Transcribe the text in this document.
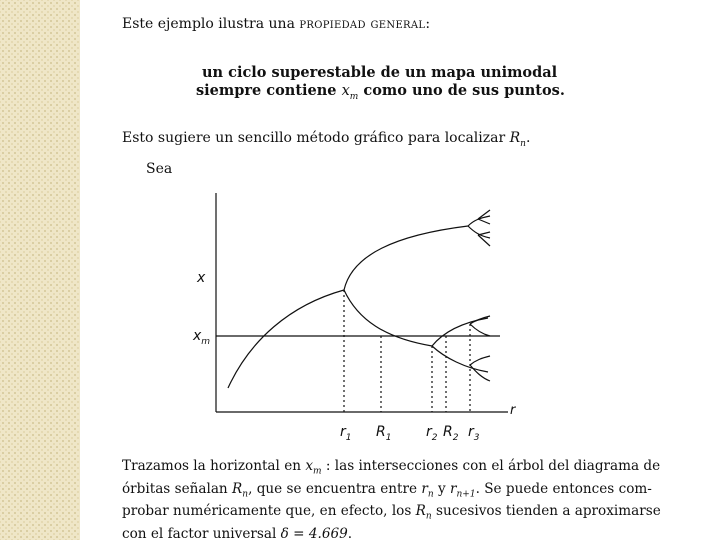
Este ejemplo ilustra una propiedad general:
un ciclo superestable de un mapa unimodal
siempre contiene $x_m$ como uno de sus puntos.
Esto sugiere un sencillo método gráfico para localizar $R_n$.
Sea
x
$x_m$
r
$r_1$ $R_1$ $r_2$ $R_2$ $r_3$
Trazamos la horizontal en $x_m$ : las intersecciones con el árbol del diagrama de
órbitas señalan $R_n$, que se encuentra entre $r_n$ y $r_{n+1}$. Se puede entonces com-
probar numéricamente que, en efecto, los $R_n$ sucesivos tienden a aproximarse
con el factor universal δ = 4.669.
